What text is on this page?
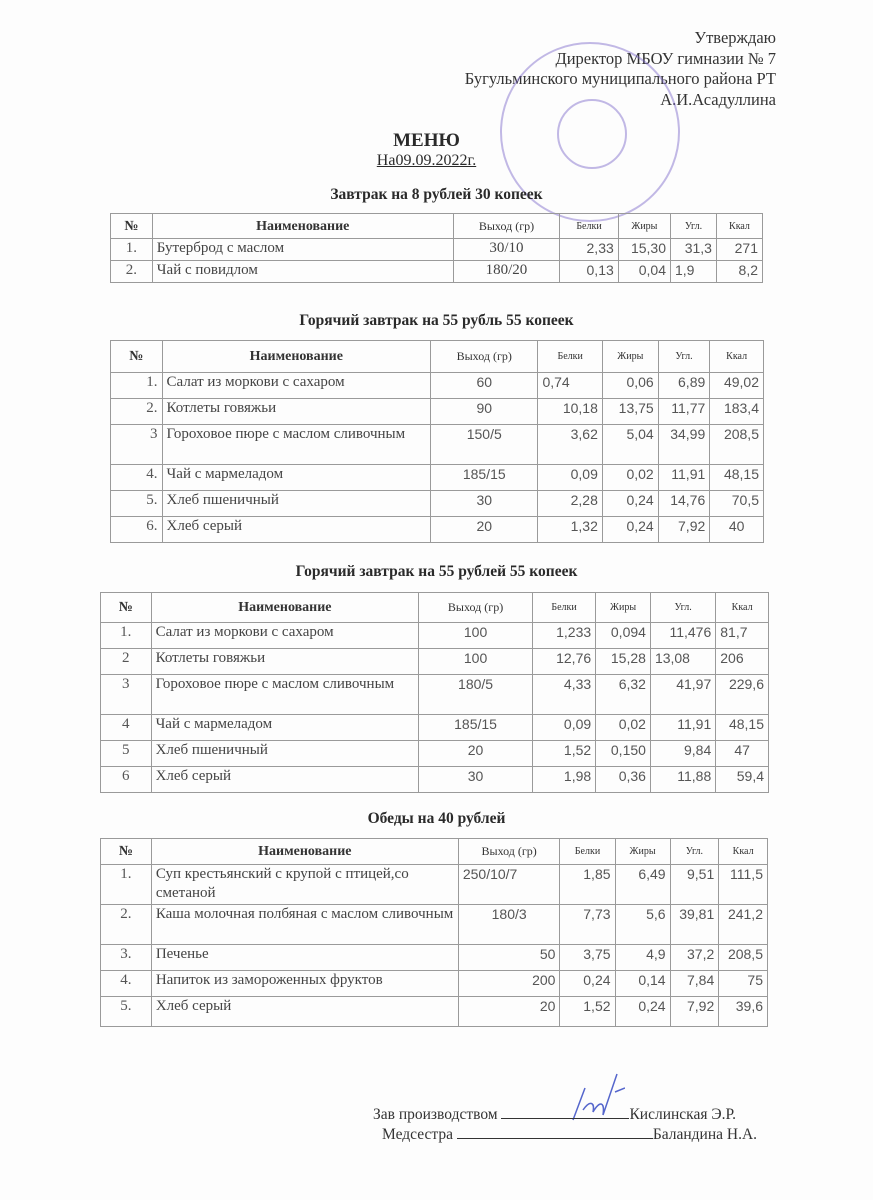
Утверждаю
Директор МБОУ гимназии № 7
Бугульминского муниципального района РТ
А.И.Асадуллина
МЕНЮ
На09.09.2022г.
Завтрак на 8 рублей 30 копеек
№	Наименование	Выход (гр)	Белки	Жиры	Угл.	Ккал
1.	Бутерброд с маслом	30/10	2,33	15,30	31,3	271
2.	Чай с повидлом	180/20	0,13	0,04	1,9	8,2
Горячий завтрак на 55 рубль 55 копеек
№	Наименование	Выход (гр)	Белки	Жиры	Угл.	Ккал
1.	Салат из моркови с сахаром	60	0,74	0,06	6,89	49,02
2.	Котлеты говяжьи	90	10,18	13,75	11,77	183,4
3	Гороховое пюре с маслом сливочным	150/5	3,62	5,04	34,99	208,5
4.	Чай с мармеладом	185/15	0,09	0,02	11,91	48,15
5.	Хлеб пшеничный	30	2,28	0,24	14,76	70,5
6.	Хлеб серый	20	1,32	0,24	7,92	40
Горячий завтрак на 55 рублей 55 копеек
№	Наименование	Выход (гр)	Белки	Жиры	Угл.	Ккал
1.	Салат из моркови с сахаром	100	1,233	0,094	11,476	81,7
2	Котлеты говяжьи	100	12,76	15,28	13,08	206
3	Гороховое пюре с маслом сливочным	180/5	4,33	6,32	41,97	229,6
4	Чай с мармеладом	185/15	0,09	0,02	11,91	48,15
5	Хлеб пшеничный	20	1,52	0,150	9,84	47
6	Хлеб серый	30	1,98	0,36	11,88	59,4
Обеды на 40 рублей
№	Наименование	Выход (гр)	Белки	Жиры	Угл.	Ккал
1.	Суп крестьянский с крупой с птицей,со сметаной	250/10/7	1,85	6,49	9,51	111,5
2.	Каша молочная полбяная с маслом сливочным	180/3	7,73	5,6	39,81	241,2
3.	Печенье	50	3,75	4,9	37,2	208,5
4.	Напиток из замороженных фруктов	200	0,24	0,14	7,84	75
5.	Хлеб серый	20	1,52	0,24	7,92	39,6
Зав производством	Кислинская Э.Р.
Медсестра	Баландина Н.А.
